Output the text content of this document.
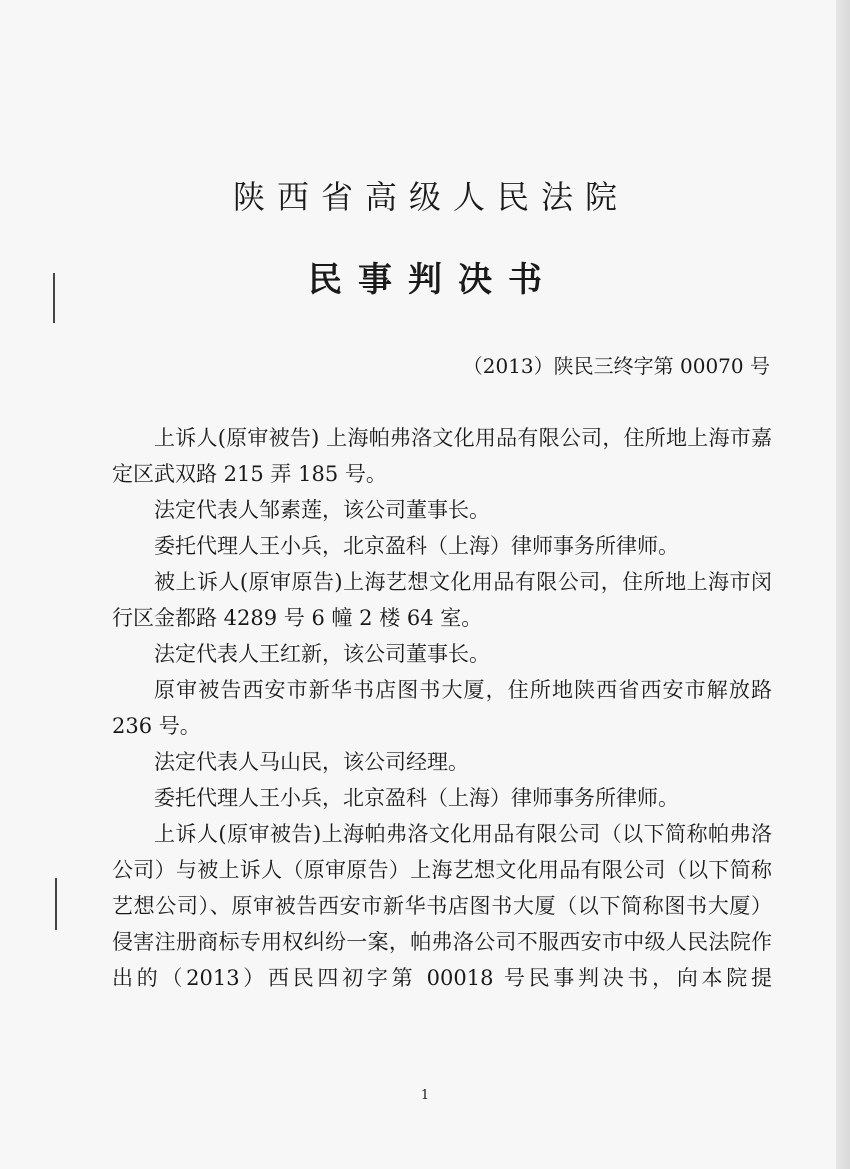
陕西省高级人民法院
民事判决书
（2013）陕民三终字第 00070 号

上诉人(原审被告) 上海帕弗洛文化用品有限公司，住所地上海市嘉定区武双路 215 弄 185 号。

法定代表人邹素莲，该公司董事长。

委托代理人王小兵，北京盈科（上海）律师事务所律师。

被上诉人(原审原告)上海艺想文化用品有限公司，住所地上海市闵行区金都路 4289 号 6 幢 2 楼 64 室。

法定代表人王红新，该公司董事长。

原审被告西安市新华书店图书大厦，住所地陕西省西安市解放路 236 号。

法定代表人马山民，该公司经理。

委托代理人王小兵，北京盈科（上海）律师事务所律师。

上诉人(原审被告)上海帕弗洛文化用品有限公司（以下简称帕弗洛公司）与被上诉人（原审原告）上海艺想文化用品有限公司（以下简称艺想公司）、原审被告西安市新华书店图书大厦（以下简称图书大厦）侵害注册商标专用权纠纷一案，帕弗洛公司不服西安市中级人民法院作出的（2013）西民四初字第 00018 号民事判决书，向本院提

1
